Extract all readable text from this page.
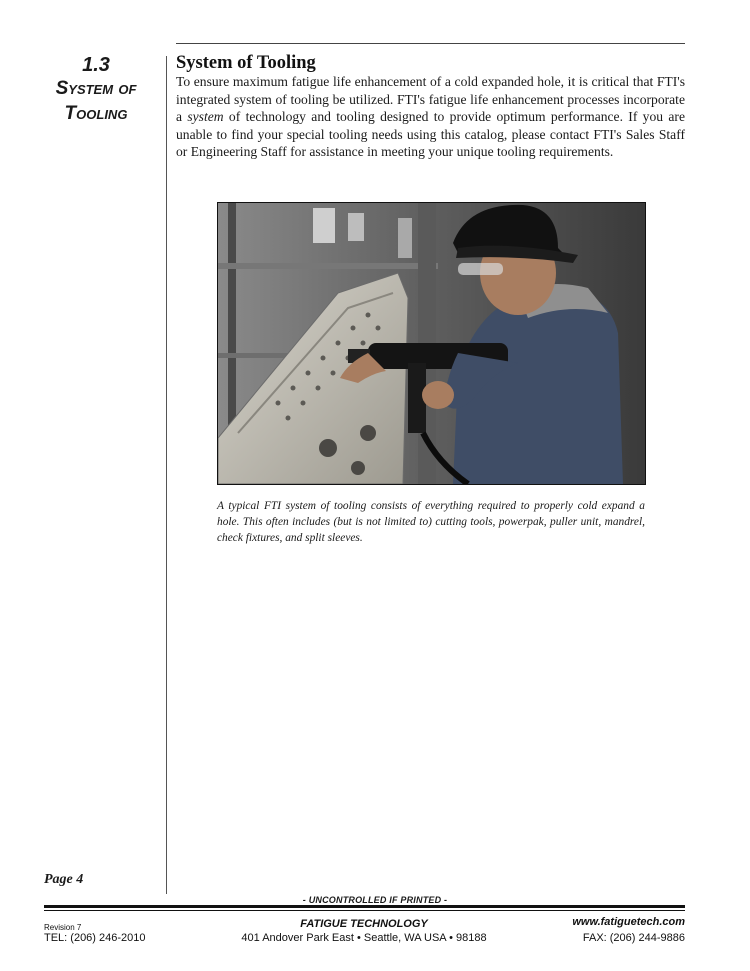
1.3
System of
Tooling
System of Tooling

To ensure maximum fatigue life enhancement of a cold expanded hole, it is critical that FTI's integrated system of tooling be utilized. FTI's fatigue life enhancement processes incorporate a system of technology and tooling designed to provide optimum performance. If you are unable to find your special tooling needs using this catalog, please contact FTI's Sales Staff or Engineering Staff for assistance in meeting your unique tooling requirements.

A typical FTI system of tooling consists of everything required to properly cold expand a hole. This often includes (but is not limited to) cutting tools, powerpak, puller unit, mandrel, check fixtures, and split sleeves.

Page 4

- UNCONTROLLED IF PRINTED -

Revision 7

TEL: (206) 246-2010

FATIGUE TECHNOLOGY

401 Andover Park East • Seattle, WA USA • 98188

www.fatiguetech.com

FAX: (206) 244-9886
